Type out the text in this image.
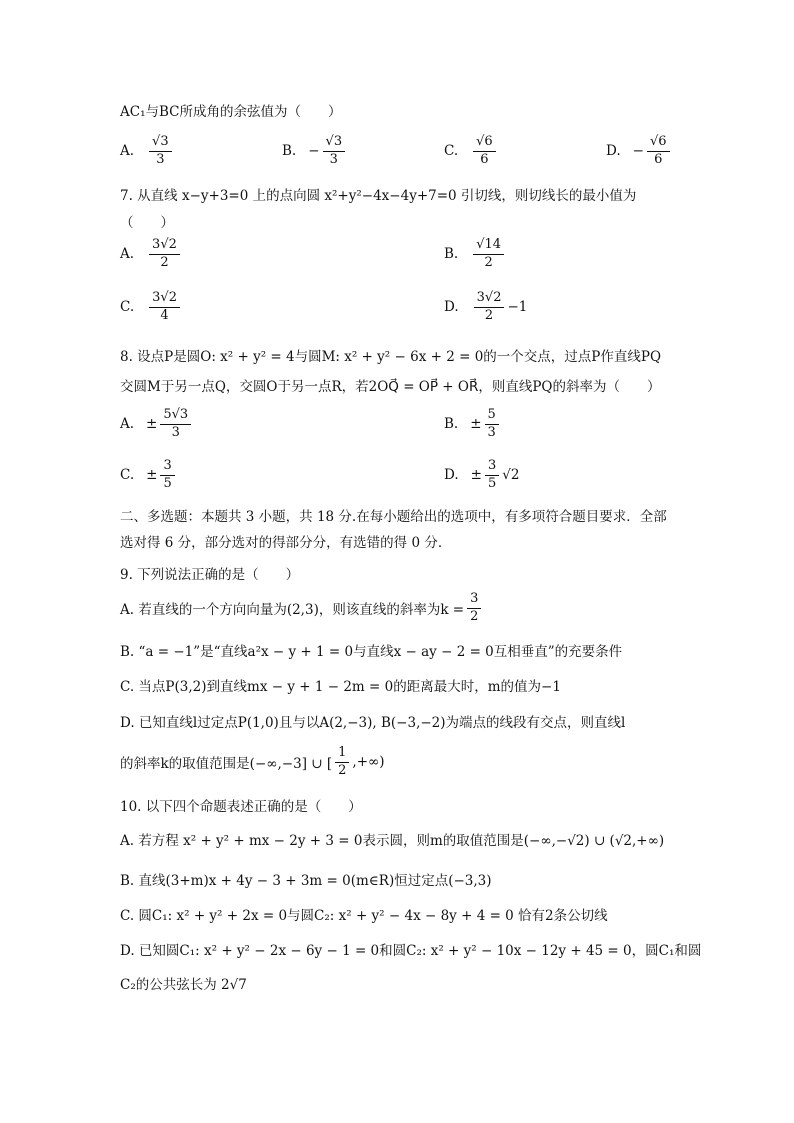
AC₁与BC所成角的余弦值为（　　）
A. $\frac{√3}{3}$	B. − $\frac{√3}{3}$	C. $\frac{√6}{6}$	D. − $\frac{√6}{6}$
7. 从直线 x−y+3=0 上的点向圆 x²+y²−4x−4y+7=0 引切线，则切线长的最小值为
（　　）
A. $\frac{3√2}{2}$	B. $\frac{√14}{2}$
C. $\frac{3√2}{4}$	D. $\frac{3√2}{2} -1$
8. 设点P是圆O: x² + y² = 4与圆M: x² + y² − 6x + 2 = 0的一个交点，过点P作直线PQ
交圆M于另一点Q，交圆O于另一点R，若2OQ⃗ = OP⃗ + OR⃗，则直线PQ的斜率为（　　）
A. ± $\frac{5√3}{3}$	B. ± $\frac{5}{3}$
C. ± $\frac{3}{5}$	D. ± $\frac{3}{5} √2$
二、多选题：本题共 3 小题，共 18 分.在每小题给出的选项中，有多项符合题目要求．全部选对得 6 分，部分选对的得部分分，有选错的得 0 分．
9. 下列说法正确的是（　　）
A. 若直线的一个方向向量为(2,3)，则该直线的斜率为$k = \frac{3}{2}$
B. “a = −1”是“直线a²x − y + 1 = 0与直线x − ay − 2 = 0互相垂直”的充要条件
C. 当点P(3,2)到直线mx − y + 1 − 2m = 0的距离最大时，m的值为−1
D. 已知直线l过定点P(1,0)且与以A(2,−3), B(−3,−2)为端点的线段有交点，则直线l
的斜率k的取值范围是(−∞,−3] ∪ [ $\frac{1}{2}$ ,+∞)
10. 以下四个命题表述正确的是（　　）
A. 若方程 x² + y² + mx − 2y + 3 = 0表示圆，则m的取值范围是(−∞,−√2) ∪ (√2,+∞)
B. 直线(3+m)x + 4y − 3 + 3m = 0(m∈R)恒过定点(−3,3)
C. 圆C₁: x² + y² + 2x = 0与圆C₂: x² + y² − 4x − 8y + 4 = 0 恰有2条公切线
D. 已知圆C₁: x² + y² − 2x − 6y − 1 = 0和圆C₂: x² + y² − 10x − 12y + 45 = 0，圆C₁和圆
C₂的公共弦长为 2√7
